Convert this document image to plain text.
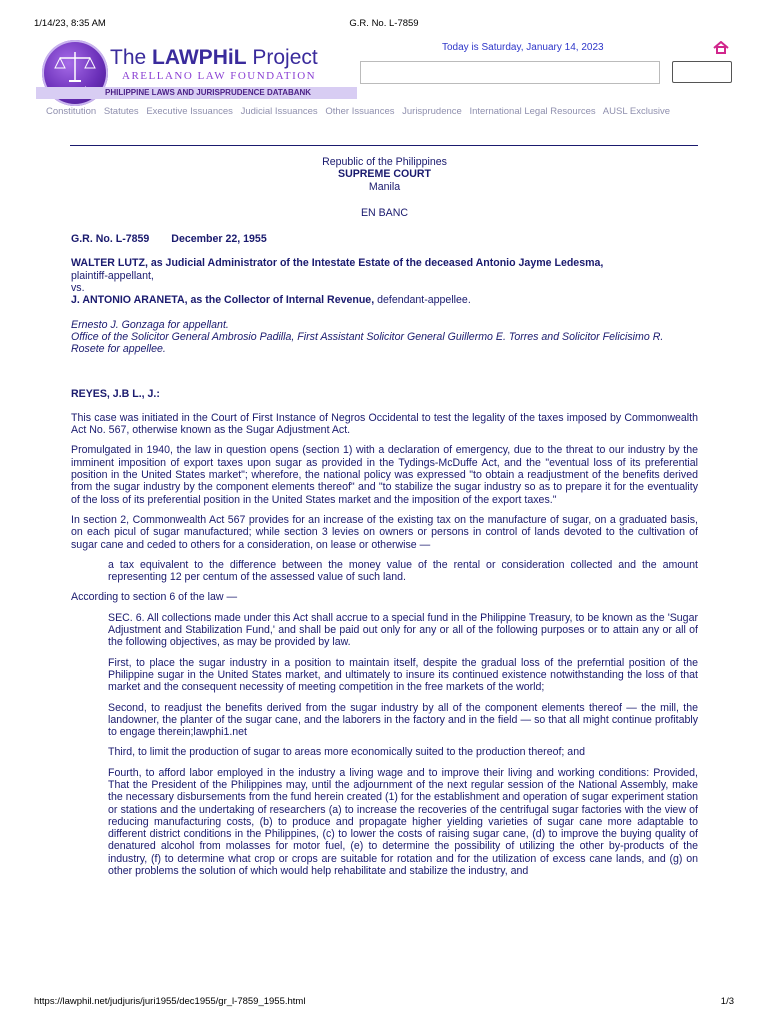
1/14/23, 8:35 AM	G.R. No. L-7859
The LAWPHiL Project
ARELLANO LAW FOUNDATION
PHILIPPINE LAWS AND JURISPRUDENCE DATABANK
Today is Saturday, January 14, 2023
Constitution Statutes Executive Issuances Judicial Issuances Other Issuances Jurisprudence International Legal Resources AUSL Exclusive

Republic of the Philippines

SUPREME COURT

Manila

EN BANC

G.R. No. L-7859 December 22, 1955

WALTER LUTZ, as Judicial Administrator of the Intestate Estate of the deceased Antonio Jayme Ledesma,

plaintiff-appellant,

vs.

J. ANTONIO ARANETA, as the Collector of Internal Revenue, defendant-appellee.

Ernesto J. Gonzaga for appellant.

Office of the Solicitor General Ambrosio Padilla, First Assistant Solicitor General Guillermo E. Torres and Solicitor Felicisimo R. Rosete for appellee.

REYES, J.B L., J.:

This case was initiated in the Court of First Instance of Negros Occidental to test the legality of the taxes imposed by Commonwealth Act No. 567, otherwise known as the Sugar Adjustment Act.

Promulgated in 1940, the law in question opens (section 1) with a declaration of emergency, due to the threat to our industry by the imminent imposition of export taxes upon sugar as provided in the Tydings-McDuffe Act, and the "eventual loss of its preferential position in the United States market"; wherefore, the national policy was expressed "to obtain a readjustment of the benefits derived from the sugar industry by the component elements thereof" and "to stabilize the sugar industry so as to prepare it for the eventuality of the loss of its preferential position in the United States market and the imposition of the export taxes."

In section 2, Commonwealth Act 567 provides for an increase of the existing tax on the manufacture of sugar, on a graduated basis, on each picul of sugar manufactured; while section 3 levies on owners or persons in control of lands devoted to the cultivation of sugar cane and ceded to others for a consideration, on lease or otherwise —

a tax equivalent to the difference between the money value of the rental or consideration collected and the amount representing 12 per centum of the assessed value of such land.

According to section 6 of the law —

SEC. 6. All collections made under this Act shall accrue to a special fund in the Philippine Treasury, to be known as the 'Sugar Adjustment and Stabilization Fund,' and shall be paid out only for any or all of the following purposes or to attain any or all of the following objectives, as may be provided by law.

First, to place the sugar industry in a position to maintain itself, despite the gradual loss of the preferntial position of the Philippine sugar in the United States market, and ultimately to insure its continued existence notwithstanding the loss of that market and the consequent necessity of meeting competition in the free markets of the world;

Second, to readjust the benefits derived from the sugar industry by all of the component elements thereof — the mill, the landowner, the planter of the sugar cane, and the laborers in the factory and in the field — so that all might continue profitably to engage therein;lawphi1.net

Third, to limit the production of sugar to areas more economically suited to the production thereof; and

Fourth, to afford labor employed in the industry a living wage and to improve their living and working conditions: Provided, That the President of the Philippines may, until the adjournment of the next regular session of the National Assembly, make the necessary disbursements from the fund herein created (1) for the establishment and operation of sugar experiment station or stations and the undertaking of researchers (a) to increase the recoveries of the centrifugal sugar factories with the view of reducing manufacturing costs, (b) to produce and propagate higher yielding varieties of sugar cane more adaptable to different district conditions in the Philippines, (c) to lower the costs of raising sugar cane, (d) to improve the buying quality of denatured alcohol from molasses for motor fuel, (e) to determine the possibility of utilizing the other by-products of the industry, (f) to determine what crop or crops are suitable for rotation and for the utilization of excess cane lands, and (g) on other problems the solution of which would help rehabilitate and stabilize the industry, and

https://lawphil.net/judjuris/juri1955/dec1955/gr_l-7859_1955.html	1/3
